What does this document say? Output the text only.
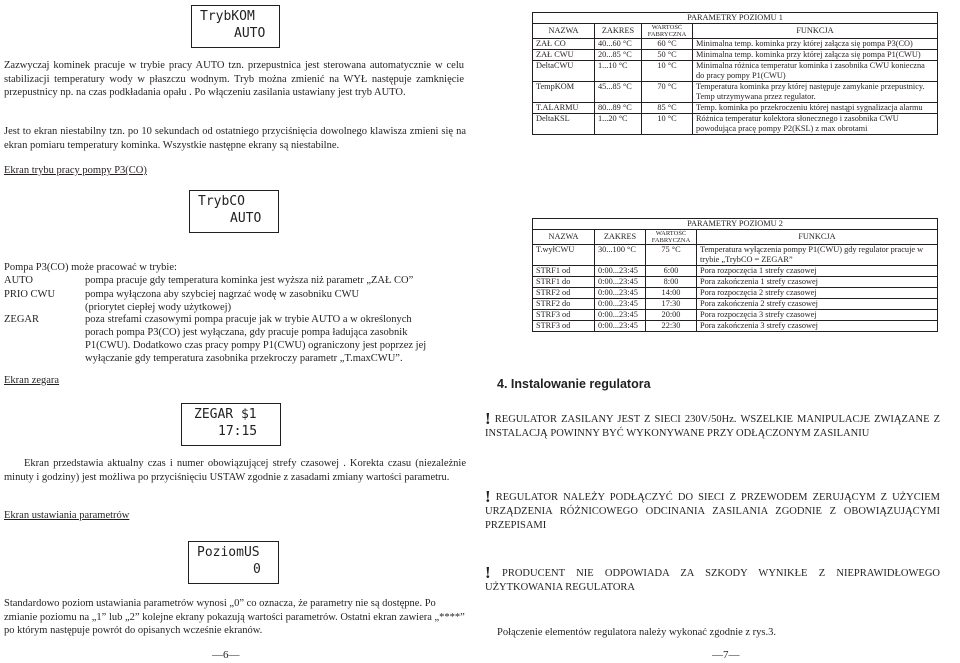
TrybKOM
AUTO
Zazwyczaj kominek pracuje w trybie pracy AUTO tzn. przepustnica jest sterowana automatycznie w celu stabilizacji temperatury wody w płaszczu wodnym. Tryb można zmienić na WYŁ następuje zamknięcie przepustnicy np. na czas podkładania opału . Po włączeniu zasilania ustawiany jest tryb AUTO.
Jest to ekran niestabilny tzn. po 10 sekundach od ostatniego przyciśnięcia dowolnego klawisza zmieni się na ekran pomiaru temperatury kominka. Wszystkie następne ekrany są niestabilne.
Ekran trybu pracy pompy P3(CO)
TrybCO
AUTO
Pompa P3(CO) może pracować w trybie:
AUTO	pompa pracuje gdy temperatura kominka jest wyższa niż parametr „ZAŁ CO”
PRIO CWU	pompa wyłączona aby szybciej nagrzać wodę w zasobniku CWU
(priorytet ciepłej wody użytkowej)
ZEGAR	poza strefami czasowymi pompa pracuje jak w trybie AUTO a w określonych
porach pompa P3(CO) jest wyłączana, gdy pracuje pompa ładująca zasobnik
P1(CWU). Dodatkowo czas pracy pompy P1(CWU) ograniczony jest poprzez jej
wyłączanie gdy temperatura zasobnika przekroczy parametr „T.maxCWU”.
Ekran zegara
ZEGAR $1
17:15
Ekran przedstawia aktualny czas i numer obowiązującej strefy czasowej . Korekta czasu (niezależnie minuty i godziny) jest możliwa po przyciśnięciu USTAW zgodnie z zasadami zmiany wartości parametru.
Ekran ustawiania parametrów
PoziomUS
0
Standardowo poziom ustawiania parametrów wynosi „0” co oznacza, że parametry nie są dostępne. Po zmianie poziomu na „1” lub „2” kolejne ekrany pokazują wartości parametrów. Ostatni ekran zawiera „****” po którym następuje powrót do opisanych wcześnie ekranów.
—6—
PARAMETRY POZIOMU 1			
NAZWA	ZAKRES	WARTOŚĆ
FABRYCZNA	FUNKCJA
ZAŁ CO	40...60 °C	60 °C	Minimalna temp. kominka przy której załącza się pompa P3(CO)
ZAŁ CWU	20...85 °C	50 °C	Minimalna temp. kominka przy której załącza się pompa P1(CWU)
DeltaCWU	1...10 °C	10 °C	Minimalna różnica temperatur kominka i zasobnika CWU konieczna do pracy pompy P1(CWU)
TempKOM	45...85 °C	70 °C	Temperatura kominka przy której następuje zamykanie przepustnicy. Temp utrzymywana przez regulator.
T.ALARMU	80...89 °C	85 °C	Temp. kominka po przekroczeniu której nastąpi sygnalizacja alarmu
DeltaKSL	1...20 °C	10 °C	Różnica temperatur kolektora słonecznego i zasobnika CWU powodująca pracę pompy P2(KSL) z max obrotami
PARAMETRY POZIOMU 2			
NAZWA	ZAKRES	WARTOŚĆ
FABRYCZNA	FUNKCJA
T.wyłCWU	30...100 °C	75 °C	Temperatura wyłączenia pompy P1(CWU) gdy regulator pracuje w trybie „TrybCO = ZEGAR”
STRF1 od	0:00...23:45	6:00	Pora rozpoczęcia 1 strefy czasowej
STRF1 do	0:00...23:45	8:00	Pora zakończenia 1 strefy czasowej
STRF2 od	0:00...23:45	14:00	Pora rozpoczęcia 2 strefy czasowej
STRF2 do	0:00...23:45	17:30	Pora zakończenia 2 strefy czasowej
STRF3 od	0:00...23:45	20:00	Pora rozpoczęcia 3 strefy czasowej
STRF3 od	0:00...23:45	22:30	Pora zakończenia 3 strefy czasowej
4. Instalowanie regulatora
! REGULATOR ZASILANY JEST Z SIECI 230V/50Hz. WSZELKIE MANIPULACJE ZWIĄZANE Z INSTALACJĄ POWINNY BYĆ WYKONYWANE PRZY ODŁĄCZONYM ZASILANIU
! REGULATOR NALEŻY PODŁĄCZYĆ DO SIECI Z PRZEWODEM ZERUJĄCYM Z UŻYCIEM URZĄDZENIA RÓŻNICOWEGO ODCINANIA ZASILANIA ZGODNIE Z OBOWIĄZUJĄCYMI PRZEPISAMI
! PRODUCENT NIE ODPOWIADA ZA SZKODY WYNIKŁE Z NIEPRAWIDŁOWEGO UŻYTKOWANIA REGULATORA
Połączenie elementów regulatora należy wykonać zgodnie z rys.3.
—7—
